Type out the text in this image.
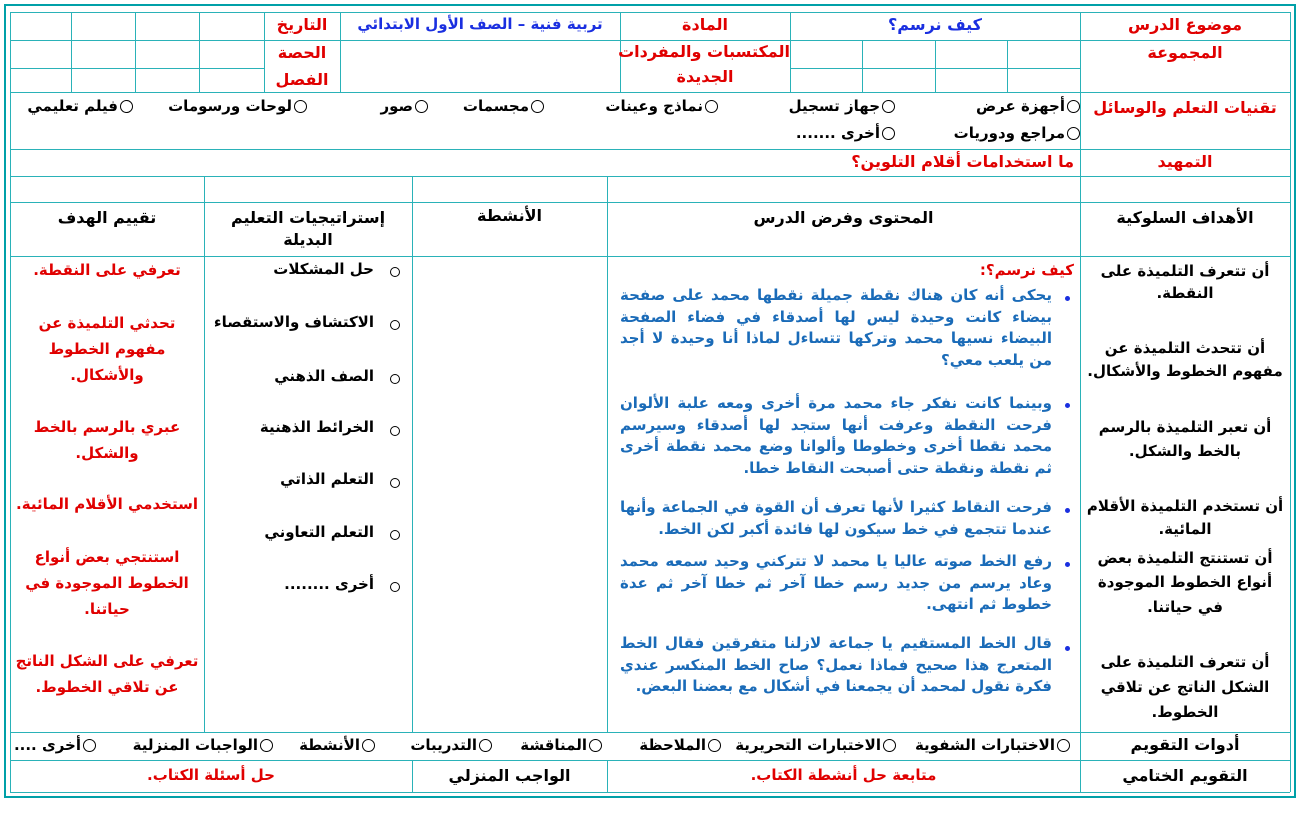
موضوع الدرس
كيف نرسم؟
المادة
تربية فنية – الصف الأول الابتدائي
التاريخ
المجموعة
المكتسبات والمفردات
الجديدة
الحصة
الفصل
تقنيات التعلم والوسائل
أجهزة عرض
جهاز تسجيل
نماذج وعينات
مجسمات
صور
لوحات ورسومات
فيلم تعليمي
مراجع ودوريات
أخرى .......
التمهيد
ما استخدامات أقلام التلوين؟
الأهداف السلوكية
المحتوى وفرض الدرس
الأنشطة
إستراتيجيات التعليم
البديلة
تقييم الهدف
أن تتعرف التلميذة على
النقطة.
أن تتحدث التلميذة عن
مفهوم الخطوط والأشكال.
أن تعبر التلميذة بالرسم
بالخط والشكل.
أن تستخدم التلميذة الأقلام
المائية.
أن تستنتج التلميذة بعض
أنواع الخطوط الموجودة
في حياتنا.
أن تتعرف التلميذة على
الشكل الناتج عن تلاقي
الخطوط.
كيف نرسم؟:
يحكى أنه كان هناك نقطة جميلة نقطها محمد على صفحة بيضاء كانت وحيدة ليس لها أصدقاء في فضاء الصفحة البيضاء نسيها محمد وتركها تتساءل لماذا أنا وحيدة لا أجد من يلعب معي؟
وبينما كانت نفكر جاء محمد مرة أخرى ومعه علبة الألوان فرحت النقطة وعرفت أنها ستجد لها أصدقاء وسيرسم محمد نقطا أخرى وخطوطا وألوانا وضع محمد نقطة أخرى ثم نقطة ونقطة حتى أصبحت النقاط خطا.
فرحت النقاط كثيرا لأنها تعرف أن القوة في الجماعة وأنها عندما تتجمع في خط سيكون لها فائدة أكبر لكن الخط.
رفع الخط صوته عاليا يا محمد لا تتركني وحيد سمعه محمد وعاد يرسم من جديد رسم خطا آخر ثم خطا آخر ثم عدة خطوط ثم انتهى.
قال الخط المستقيم يا جماعة لازلنا متفرقين فقال الخط المتعرج هذا صحيح فماذا نعمل؟ صاح الخط المنكسر عندي فكرة نقول لمحمد أن يجمعنا في أشكال مع بعضنا البعض.
حل المشكلات
الاكتشاف والاستقصاء
الصف الذهني
الخرائط الذهنية
التعلم الذاتي
التعلم التعاوني
أخرى ........
تعرفي على النقطة.
تحدثي التلميذة عن
مفهوم الخطوط
والأشكال.
عبري بالرسم بالخط
والشكل.
استخدمي الأقلام المائية.
استنتجي بعض أنواع
الخطوط الموجودة في
حياتنا.
تعرفي على الشكل الناتج
عن تلاقي الخطوط.
أدوات التقويم
الاختبارات الشفوية
الاختبارات التحريرية
الملاحظة
المناقشة
التدريبات
الأنشطة
الواجبات المنزلية
أخرى ....
التقويم الختامي
متابعة حل أنشطة الكتاب.
الواجب المنزلي
حل أسئلة الكتاب.
